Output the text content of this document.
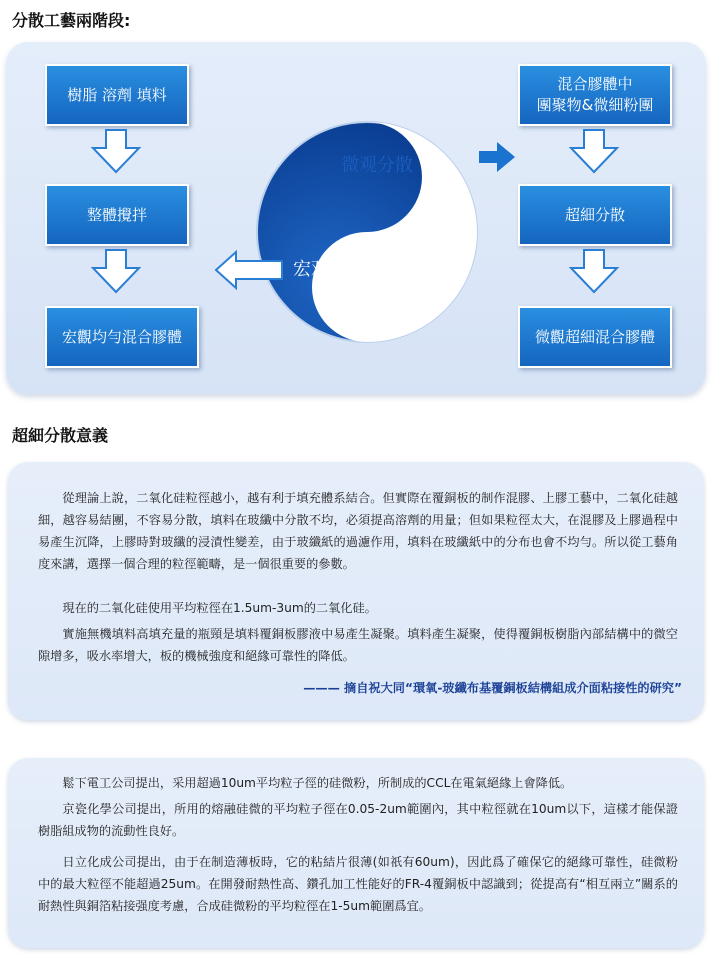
分散工藝兩階段:
樹脂 溶劑 填料
整體攪拌
宏觀均勻混合膠體
混合膠體中
團聚物&微細粉團
超細分散
微觀超細混合膠體
微观分散
宏观分散
超細分散意義

從理論上說，二氧化硅粒徑越小，越有利于填充體系結合。但實際在覆銅板的制作混膠、上膠工藝中，二氧化硅越細，越容易結團，不容易分散，填料在玻纖中分散不均，必須提高溶劑的用量；但如果粒徑太大，在混膠及上膠過程中易產生沉降，上膠時對玻纖的浸漬性變差，由于玻纖紙的過濾作用，填料在玻纖紙中的分布也會不均勻。所以從工藝角度來講，選擇一個合理的粒徑範疇，是一個很重要的參數。

現在的二氧化硅使用平均粒徑在1.5um-3um的二氧化硅。

實施無機填料高填充量的瓶頸是填料覆銅板膠液中易產生凝聚。填料產生凝聚，使得覆銅板樹脂內部結構中的微空隙增多，吸水率增大，板的機械強度和絕緣可靠性的降低。

——— 摘自祝大同“環氧-玻纖布基覆銅板結構組成介面粘接性的研究”

鬆下電工公司提出，采用超過10um平均粒子徑的硅微粉，所制成的CCL在電氣絕緣上會降低。

京瓷化學公司提出，所用的熔融硅微的平均粒子徑在0.05-2um範圍內，其中粒徑就在10um以下，這樣才能保證樹脂組成物的流動性良好。

日立化成公司提出，由于在制造薄板時，它的粘結片很薄(如祇有60um)，因此爲了確保它的絕緣可靠性，硅微粉中的最大粒徑不能超過25um。在開發耐熱性高、鑽孔加工性能好的FR-4覆銅板中認識到；從提高有“相互兩立”關系的耐熱性與銅箔粘接强度考慮，合成硅微粉的平均粒徑在1-5um範圍爲宜。
